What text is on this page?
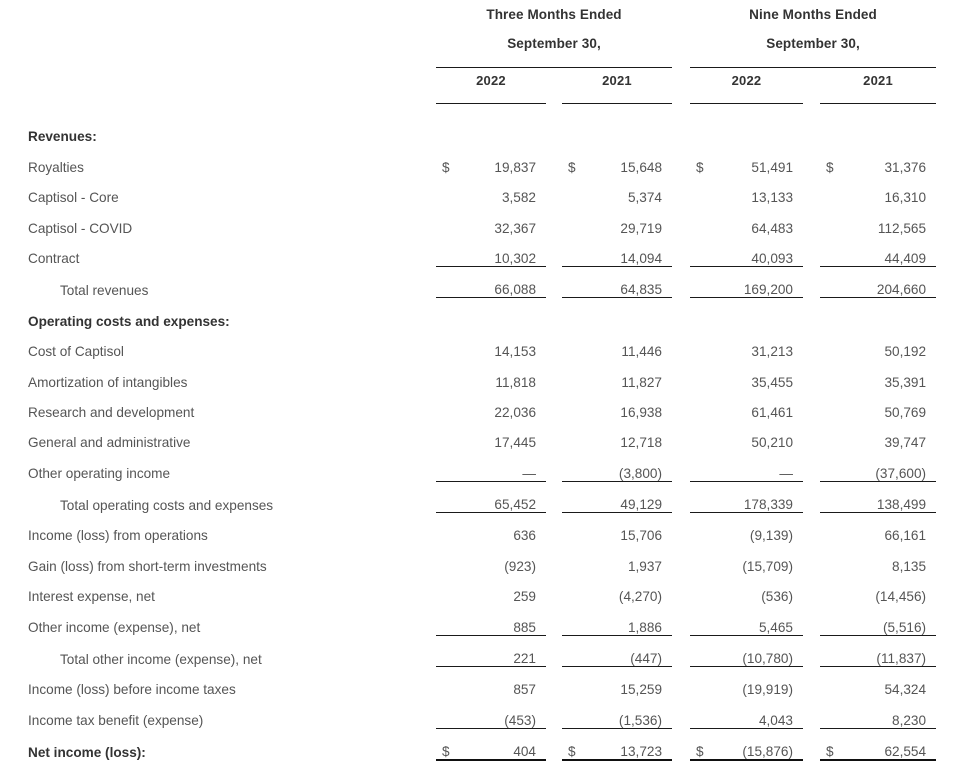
	Three Months Ended						Nine Months Ended					
	September 30,						September 30,					

	2022			2021			2022			2021		

Revenues:												
Royalties	$	19,837		$	15,648		$	51,491		$	31,376	
Captisol - Core		3,582			5,374			13,133			16,310	
Captisol - COVID		32,367			29,719			64,483			112,565	
Contract		10,302			14,094			40,093			44,409	
Total revenues		66,088			64,835			169,200			204,660	
Operating costs and expenses:												
Cost of Captisol		14,153			11,446			31,213			50,192	
Amortization of intangibles		11,818			11,827			35,455			35,391	
Research and development		22,036			16,938			61,461			50,769	
General and administrative		17,445			12,718			50,210			39,747	
Other operating income		—			(3,800)			—			(37,600)	
Total operating costs and expenses		65,452			49,129			178,339			138,499	
Income (loss) from operations		636			15,706			(9,139)			66,161	
Gain (loss) from short-term investments		(923)			1,937			(15,709)			8,135	
Interest expense, net		259			(4,270)			(536)			(14,456)	
Other income (expense), net		885			1,886			5,465			(5,516)	
Total other income (expense), net		221			(447)			(10,780)			(11,837)	
Income (loss) before income taxes		857			15,259			(19,919)			54,324	
Income tax benefit (expense)		(453)			(1,536)			4,043			8,230	
Net income (loss):	$	404		$	13,723		$	(15,876)		$	62,554	
